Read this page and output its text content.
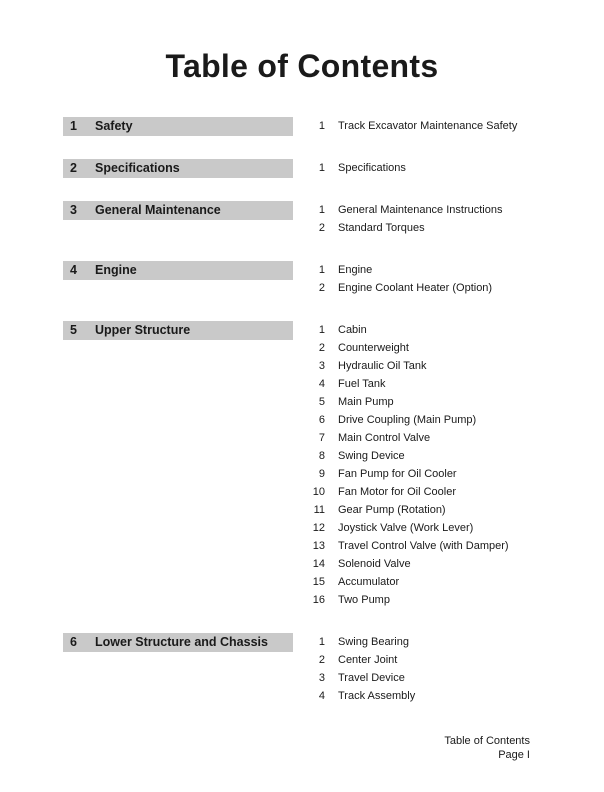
Table of Contents
1	Safety	1 Track Excavator Maintenance Safety
2	Specifications	1 Specifications
3	General Maintenance	1 General Maintenance Instructions
2 Standard Torques
4	Engine	1 Engine
2 Engine Coolant Heater (Option)
5	Upper Structure	1 Cabin
2 Counterweight
3 Hydraulic Oil Tank
4 Fuel Tank
5 Main Pump
6 Drive Coupling (Main Pump)
7 Main Control Valve
8 Swing Device
9 Fan Pump for Oil Cooler
10 Fan Motor for Oil Cooler
11 Gear Pump (Rotation)
12 Joystick Valve (Work Lever)
13 Travel Control Valve (with Damper)
14 Solenoid Valve
15 Accumulator
16 Two Pump
6	Lower Structure and Chassis	1 Swing Bearing
2 Center Joint
3 Travel Device
4 Track Assembly
Table of Contents
Page I
